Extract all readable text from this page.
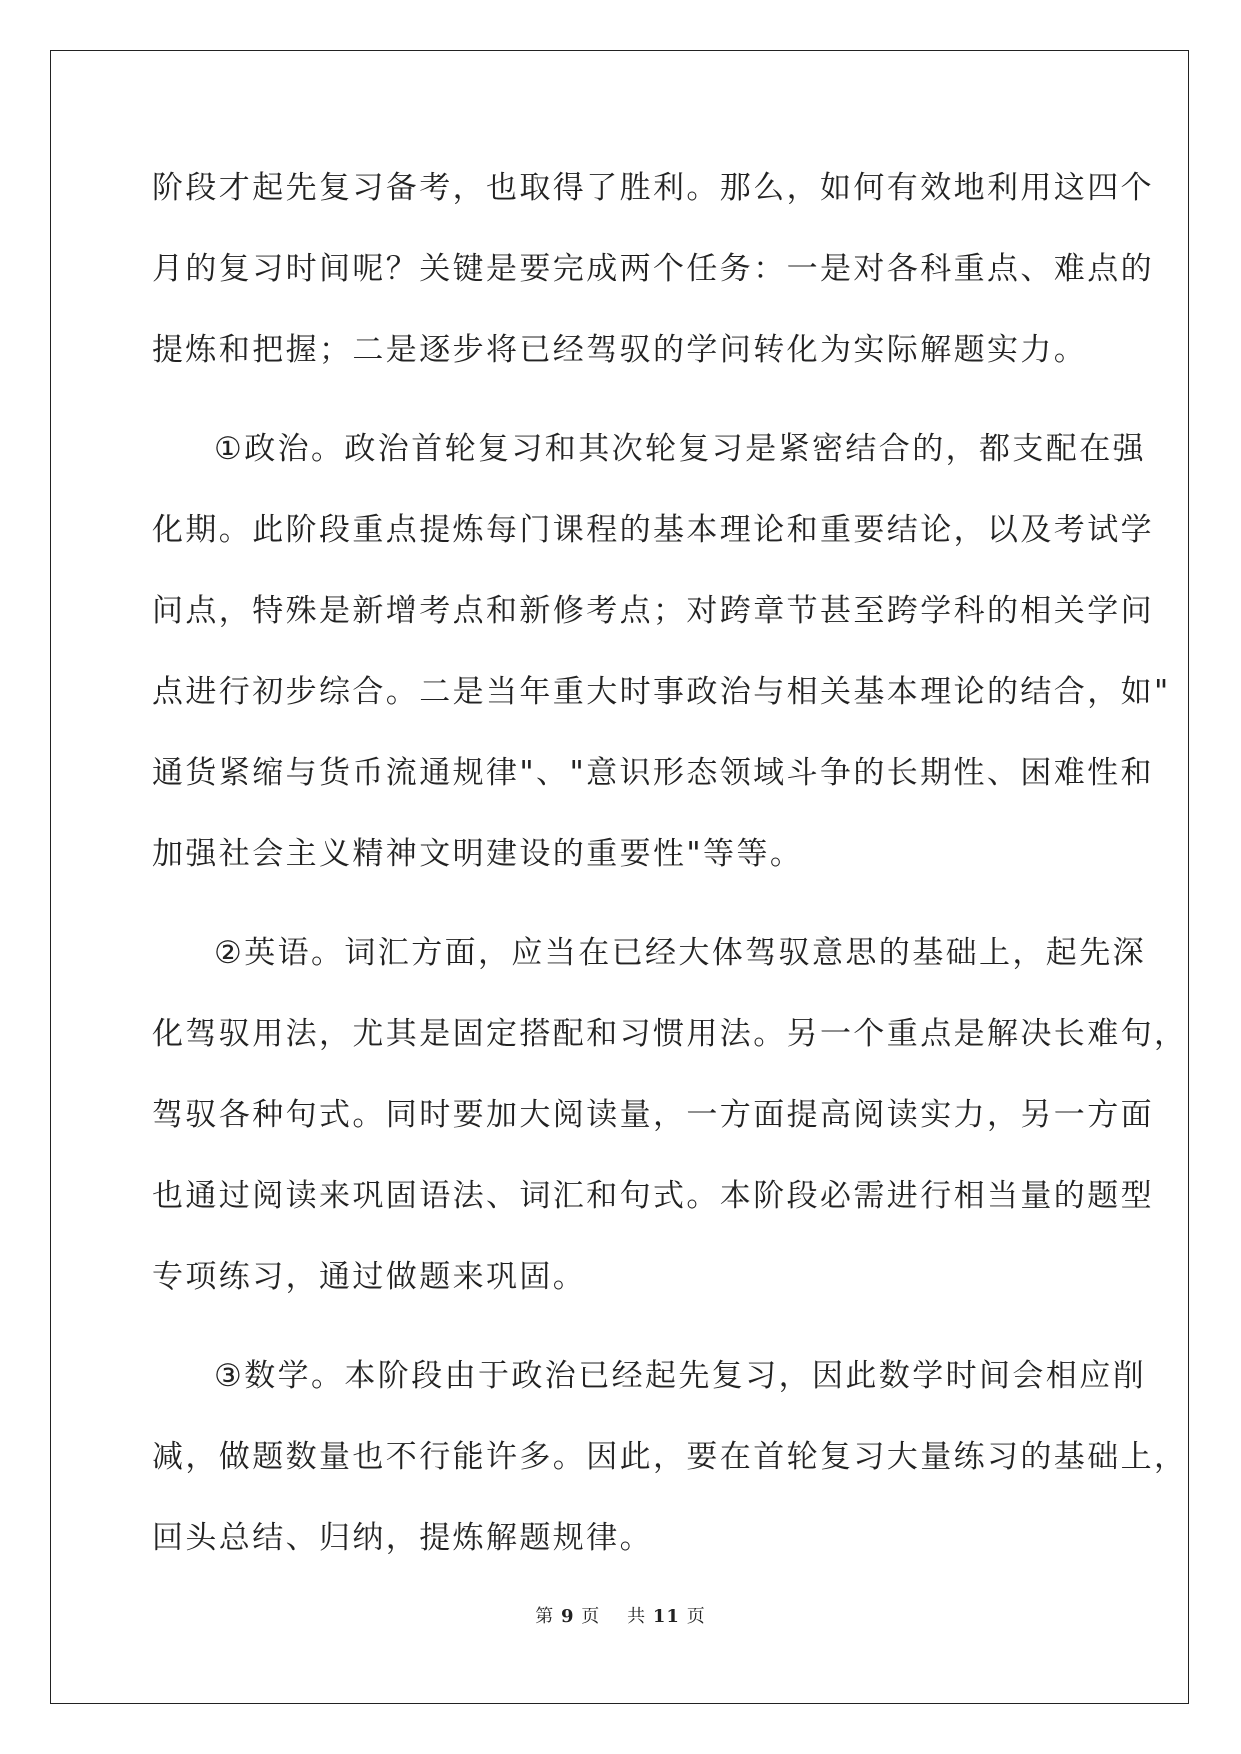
阶段才起先复习备考，也取得了胜利。那么，如何有效地利用这四个
月的复习时间呢？关键是要完成两个任务：一是对各科重点、难点的
提炼和把握；二是逐步将已经驾驭的学问转化为实际解题实力。

①政治。政治首轮复习和其次轮复习是紧密结合的，都支配在强
化期。此阶段重点提炼每门课程的基本理论和重要结论，以及考试学
问点，特殊是新增考点和新修考点；对跨章节甚至跨学科的相关学问
点进行初步综合。二是当年重大时事政治与相关基本理论的结合，如"
通货紧缩与货币流通规律"、"意识形态领域斗争的长期性、困难性和
加强社会主义精神文明建设的重要性"等等。

②英语。词汇方面，应当在已经大体驾驭意思的基础上，起先深
化驾驭用法，尤其是固定搭配和习惯用法。另一个重点是解决长难句，
驾驭各种句式。同时要加大阅读量，一方面提高阅读实力，另一方面
也通过阅读来巩固语法、词汇和句式。本阶段必需进行相当量的题型
专项练习，通过做题来巩固。

③数学。本阶段由于政治已经起先复习，因此数学时间会相应削
减，做题数量也不行能许多。因此，要在首轮复习大量练习的基础上，
回头总结、归纳，提炼解题规律。

第 9 页 共 11 页
